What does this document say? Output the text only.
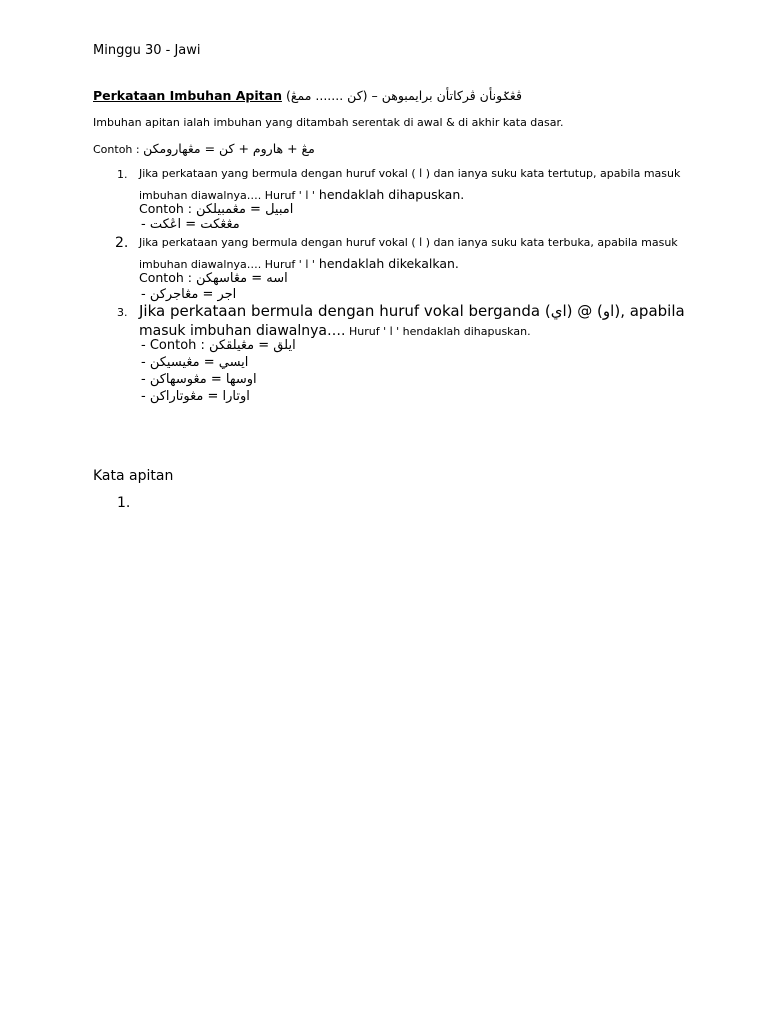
Minggu 30 - Jawi
Perkataan Imbuhan Apitan (كن ....... ممڠ) – ڤڠݢونأن ڤرکاتأن برايمبوهن
Imbuhan apitan ialah imbuhan yang ditambah serentak di awal & di akhir kata dasar.
Contoh : مڠ + هاروم + كن = مڠهارومكن
1. Jika perkataan yang bermula dengan huruf vokal ( ا ) dan ianya suku kata tertutup, apabila masuk
imbuhan diawalnya…. Huruf ' ا ' hendaklah dihapuskan.
Contoh : امبيل = مڠمبيلكن
- مڠڠكت = اڠكت
2. Jika perkataan yang bermula dengan huruf vokal ( ا ) dan ianya suku kata terbuka, apabila masuk
imbuhan diawalnya…. Huruf ' ا ' hendaklah dikekalkan.
Contoh : اسه = مڠاسهكن
- اجر = مڠاجركن
3. Jika perkataan bermula dengan huruf vokal berganda (اي) @ (او), apabila
masuk imbuhan diawalnya…. Huruf ' ا ' hendaklah dihapuskan.
- Contoh : ايلق = مڠيلقكن
- ايسي = مڠيسيكن
- اوسها = مڠوسهاكن
- اوتارا = مڠوتاراكن
Kata apitan
1.
